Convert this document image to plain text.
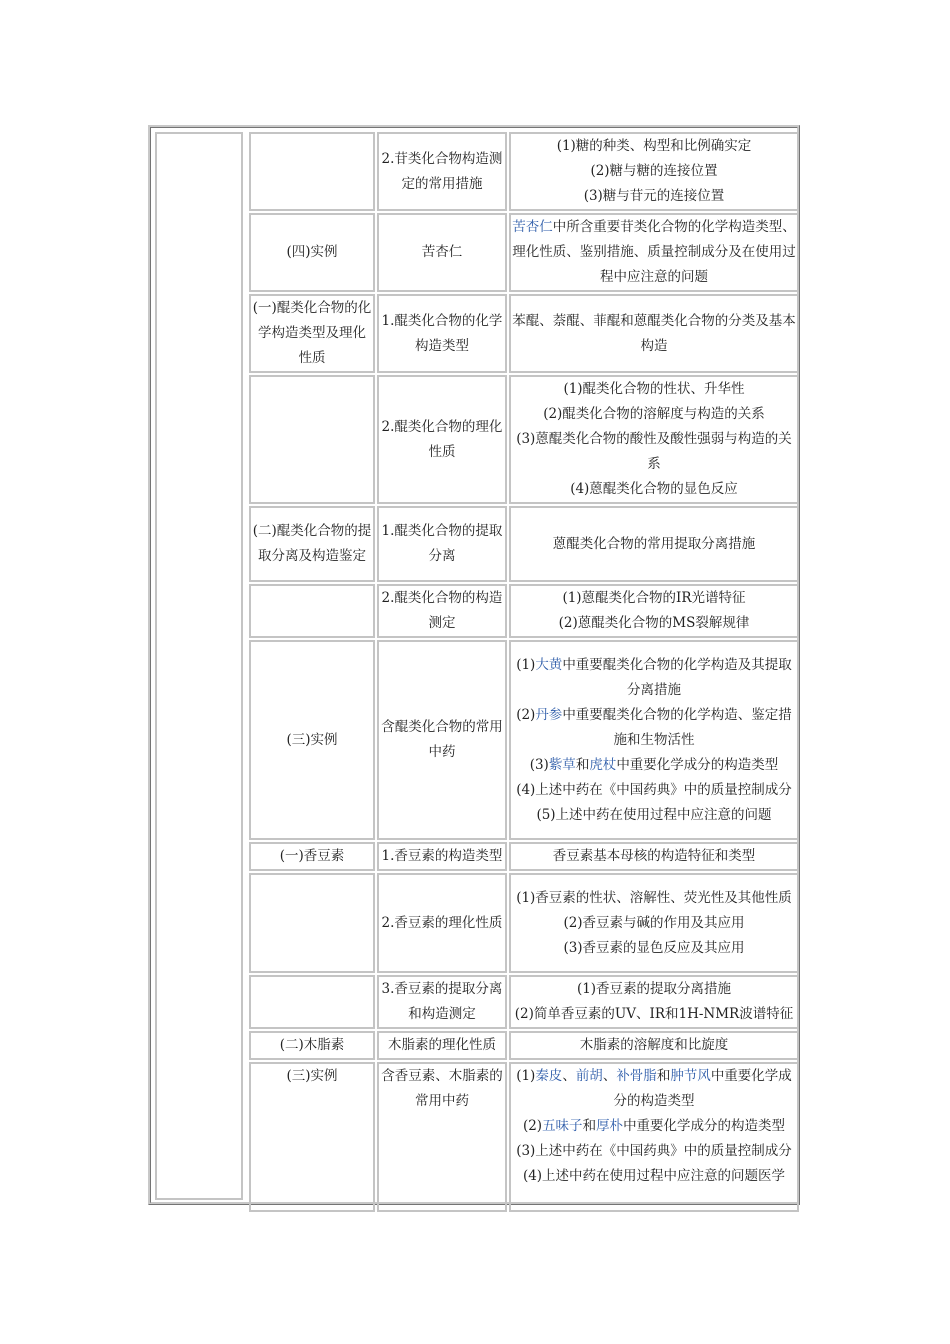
	2.苷类化合物构造测定的常用措施	(1)糖的种类、构型和比例确实定
(2)糖与糖的连接位置
(3)糖与苷元的连接位置

(四)实例	苦杏仁	苦杏仁中所含重要苷类化合物的化学构造类型、理化性质、鉴别措施、质量控制成分及在使用过程中应注意的问题

(一)醌类化合物的化学构造类型及理化性质	1.醌类化合物的化学构造类型	苯醌、萘醌、菲醌和蒽醌类化合物的分类及基本构造

	2.醌类化合物的理化性质	(1)醌类化合物的性状、升华性
(2)醌类化合物的溶解度与构造的关系
(3)蒽醌类化合物的酸性及酸性强弱与构造的关系
(4)蒽醌类化合物的显色反应

(二)醌类化合物的提取分离及构造鉴定	1.醌类化合物的提取分离	蒽醌类化合物的常用提取分离措施

	2.醌类化合物的构造测定	(1)蒽醌类化合物的IR光谱特征
(2)蒽醌类化合物的MS裂解规律

(三)实例	含醌类化合物的常用中药	(1)大黄中重要醌类化合物的化学构造及其提取分离措施
(2)丹参中重要醌类化合物的化学构造、鉴定措施和生物活性
(3)紫草和虎杖中重要化学成分的构造类型
(4)上述中药在《中国药典》中的质量控制成分
(5)上述中药在使用过程中应注意的问题

(一)香豆素	1.香豆素的构造类型	香豆素基本母核的构造特征和类型

	2.香豆素的理化性质	(1)香豆素的性状、溶解性、荧光性及其他性质
(2)香豆素与碱的作用及其应用
(3)香豆素的显色反应及其应用

	3.香豆素的提取分离和构造测定	(1)香豆素的提取分离措施
(2)简单香豆素的UV、IR和1H-NMR波谱特征

(二)木脂素	木脂素的理化性质	木脂素的溶解度和比旋度

(三)实例	含香豆素、木脂素的常用中药	(1)秦皮、前胡、补骨脂和肿节风中重要化学成分的构造类型
(2)五味子和厚朴中重要化学成分的构造类型
(3)上述中药在《中国药典》中的质量控制成分
(4)上述中药在使用过程中应注意的问题医学
